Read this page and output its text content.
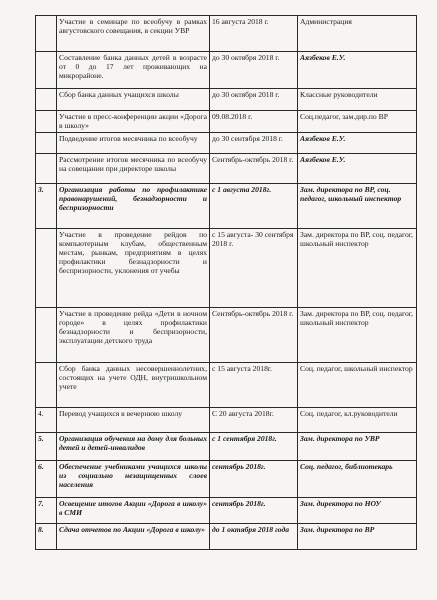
	Участие в семинаре по всеобучу в рамках августовского совещания, в секции УВР	16 августа 2018 г.	Администрация
	Составление банка данных детей в возрасте от 0 до 17 лет проживающих на микрорайоне.	до 30 октября 2018 г.	Аязбеков Е.У.
	Сбор банка данных учащихся школы	до 30 октября 2018 г.	Классные руководители
	Участие в пресс-конференции акции «Дорога в школу»	09.08.2018 г.	Соц.педагог, зам.дир.по ВР
	Подведение итогов месячника по всеобучу	до 30 сентября 2018 г.	Аязбеков Е.У.
	Рассмотрение итогов месячника по всеобучу на совещании при директоре школы	Сентябрь-октябрь 2018 г.	Аязбеков Е.У.
3.	Организация работы по профилактике правонарушений, безнадзорности и беспризорности	с 1 августа 2018г.	Зам. директора по ВР, соц. педагог, школьный инспектор
	Участие в проведение рейдов по компьютерным клубам, общественным местам, рынкам, предприятиям в целях профилактики безнадзорности и беспризорности, уклонения от учебы	с 15 августа- 30 сентября 2018 г.	Зам. директора по ВР, соц. педагог, школьный инспектор
	Участие в проведение рейда «Дети в ночном городе» в целях профилактики безнадзорности и беспризорности, эксплуатации детского труда	Сентябрь-октябрь 2018 г.	Зам. директора по ВР, соц. педагог, школьный инспектор
	Сбор банка данных несовершеннолетних, состоящих на учете ОДН, внутришкольном учете	с 15 августа 2018г.	Соц. педагог, школьный инспектор
4.	Перевод учащихся в вечернюю школу	С 20 августа 2018г.	Соц. педагог, кл.руководители
5.	Организация обучения на дому для больных детей и детей-инвалидов	с 1 сентября 2018г.	Зам. директора по УВР
6.	Обеспечение учебниками учащихся школы из социально незащищенных слоев населения	сентябрь 2018г.	Соц. педагог, библиотекарь
7.	Освещение итогов Акции «Дорога в школу» в СМИ	сентябрь 2018г.	Зам. директора по НОУ
8.	Сдача отчетов по Акции «Дорога в школу»	до 1 октября 2018 года	Зам. директора по ВР
